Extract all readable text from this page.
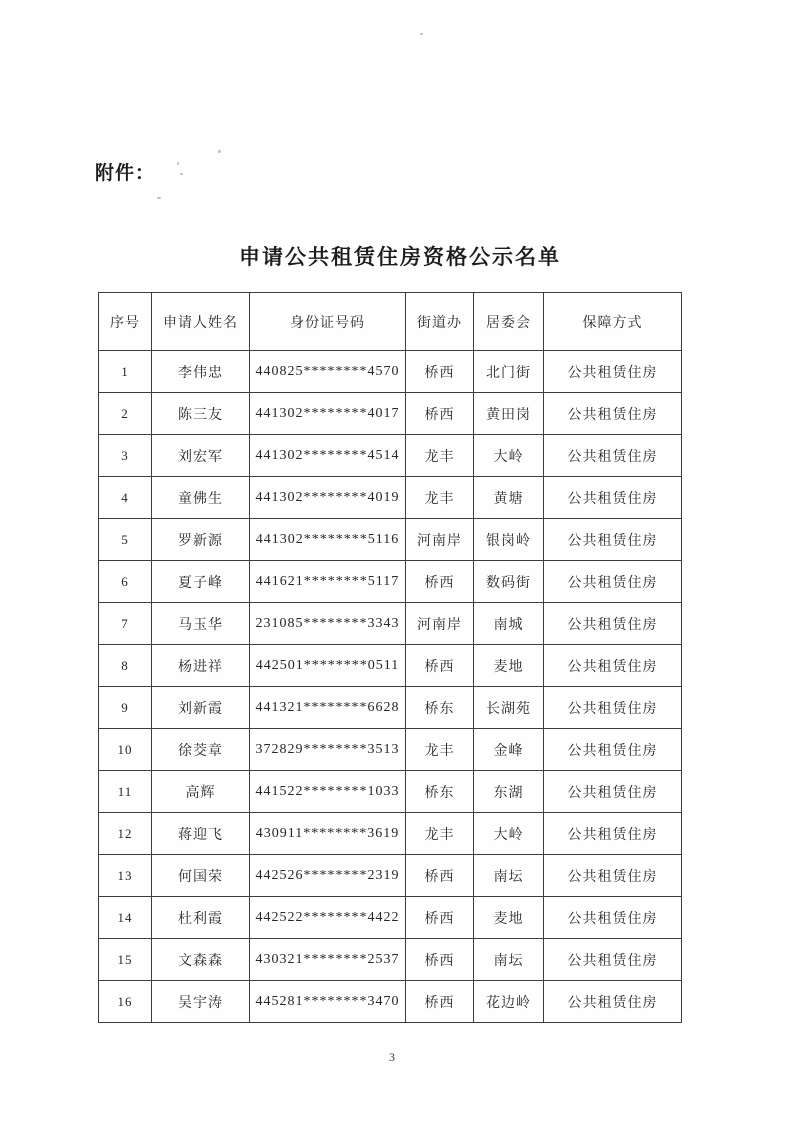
附件：
申请公共租赁住房资格公示名单
序号	申请人姓名	身份证号码	街道办	居委会	保障方式
1	李伟忠	440825********4570	桥西	北门街	公共租赁住房
2	陈三友	441302********4017	桥西	黄田岗	公共租赁住房
3	刘宏军	441302********4514	龙丰	大岭	公共租赁住房
4	童佛生	441302********4019	龙丰	黄塘	公共租赁住房
5	罗新源	441302********5116	河南岸	银岗岭	公共租赁住房
6	夏子峰	441621********5117	桥西	数码街	公共租赁住房
7	马玉华	231085********3343	河南岸	南城	公共租赁住房
8	杨进祥	442501********0511	桥西	麦地	公共租赁住房
9	刘新霞	441321********6628	桥东	长湖苑	公共租赁住房
10	徐茭章	372829********3513	龙丰	金峰	公共租赁住房
11	高辉	441522********1033	桥东	东湖	公共租赁住房
12	蒋迎飞	430911********3619	龙丰	大岭	公共租赁住房
13	何国荣	442526********2319	桥西	南坛	公共租赁住房
14	杜利霞	442522********4422	桥西	麦地	公共租赁住房
15	文森森	430321********2537	桥西	南坛	公共租赁住房
16	吴宇涛	445281********3470	桥西	花边岭	公共租赁住房
3
